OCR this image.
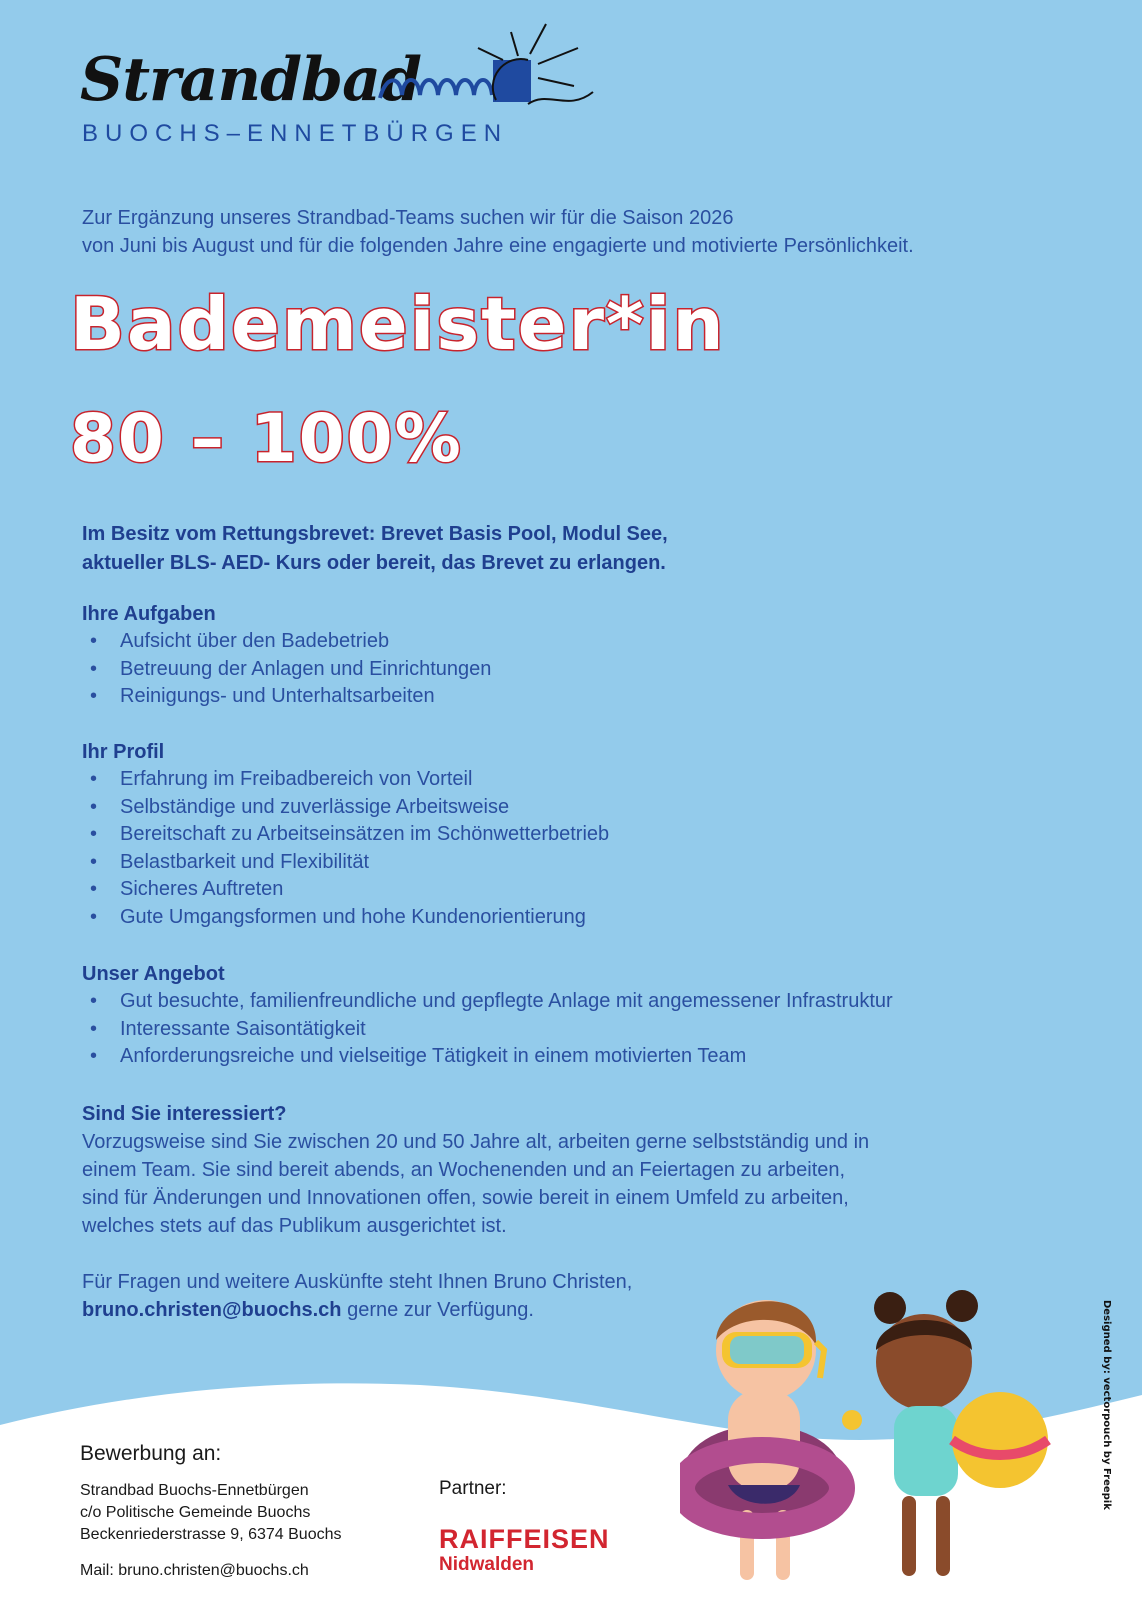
Strandbad
BUOCHS–ENNETBÜRGEN
Zur Ergänzung unseres Strandbad-Teams suchen wir für die Saison 2026
von Juni bis August und für die folgenden Jahre eine engagierte und motivierte Persönlichkeit.
Bademeister*in
80 – 100%
Im Besitz vom Rettungsbrevet: Brevet Basis Pool, Modul See,
aktueller BLS- AED- Kurs oder bereit, das Brevet zu erlangen.
Ihre Aufgaben
• Aufsicht über den Badebetrieb
• Betreuung der Anlagen und Einrichtungen
• Reinigungs- und Unterhaltsarbeiten
Ihr Profil
• Erfahrung im Freibadbereich von Vorteil
• Selbständige und zuverlässige Arbeitsweise
• Bereitschaft zu Arbeitseinsätzen im Schönwetterbetrieb
• Belastbarkeit und Flexibilität
• Sicheres Auftreten
• Gute Umgangsformen und hohe Kundenorientierung
Unser Angebot
• Gut besuchte, familienfreundliche und gepflegte Anlage mit angemessener Infrastruktur
• Interessante Saisontätigkeit
• Anforderungsreiche und vielseitige Tätigkeit in einem motivierten Team
Sind Sie interessiert?

Vorzugsweise sind Sie zwischen 20 und 50 Jahre alt, arbeiten gerne selbstständig und in

einem Team. Sie sind bereit abends, an Wochenenden und an Feiertagen zu arbeiten,

sind für Änderungen und Innovationen offen, sowie bereit in einem Umfeld zu arbeiten,

welches stets auf das Publikum ausgerichtet ist.

Für Fragen und weitere Auskünfte steht Ihnen Bruno Christen,
bruno.christen@buochs.ch gerne zur Verfügung.
Bewerbung an:
Strandbad Buochs-Ennetbürgen
c/o Politische Gemeinde Buochs
Beckenriederstrasse 9, 6374 Buochs
Mail: bruno.christen@buochs.ch
Partner:
RAIFFEISEN
Nidwalden
Designed by: vectorpouch by Freepik
